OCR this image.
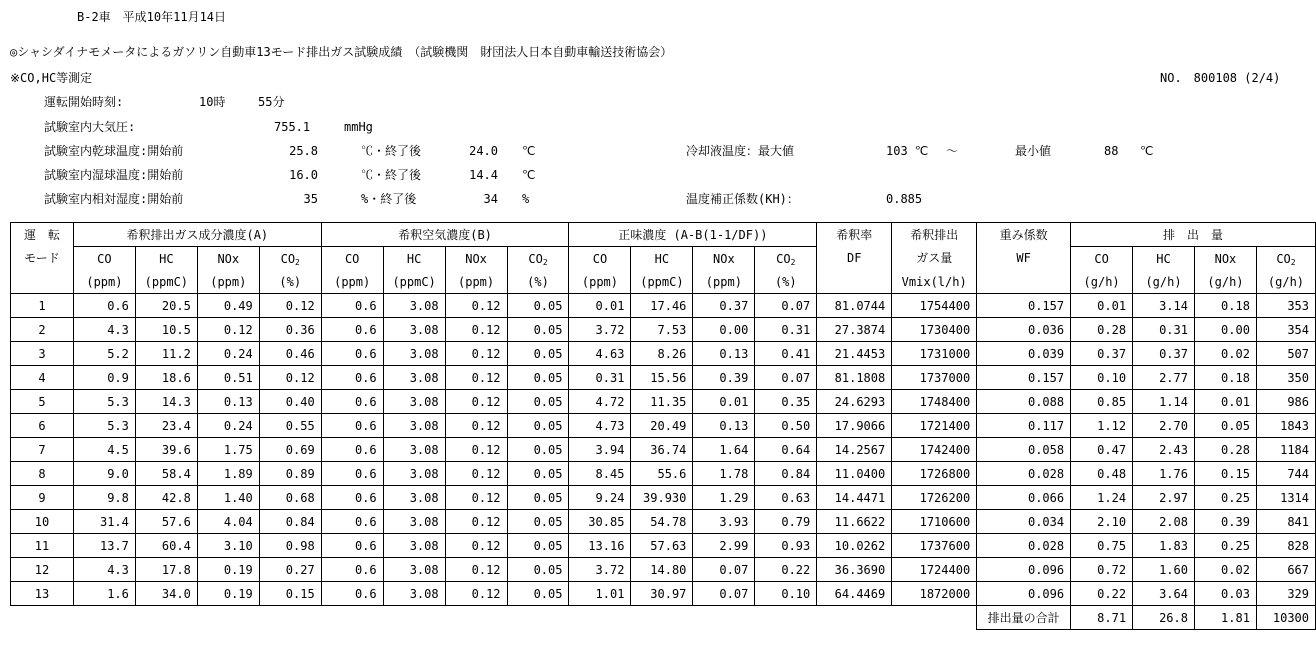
B-2車　平成10年11月14日
◎シャシダイナモメータによるガソリン自動車13モード排出ガス試験成績　（試験機関　財団法人日本自動車輸送技術協会）
※CO,HC等測定	NO.　800108 (2/4)
運転開始時刻:	10時	55分
試験室内大気圧:	755.1	mmHg
試験室内乾球温度:開始前	25.8	℃・終了後	24.0 ℃
試験室内湿球温度:開始前	16.0	℃・終了後	14.4 ℃
試験室内相対湿度:開始前	35	%・終了後	34 %
冷却液温度：最大値	103 ℃ ～	最小値	88 ℃
温度補正係数(KH)：	0.885
運　転	希釈排出ガス成分濃度(A)				希釈空気濃度(B)				正味濃度 (A-B(1-1/DF))				希釈率	希釈排出	重み係数	排　出　量			
モード	CO	HC	NOx	$CO_2$	CO	HC	NOx	$CO_2$	CO	HC	NOx	$CO_2$	DF	ガス量	WF	CO	HC	NOx	$CO_2$
	(ppm)	(ppmC)	(ppm)	(%)	(ppm)	(ppmC)	(ppm)	(%)	(ppm)	(ppmC)	(ppm)	(%)		Vmix(l/h)		(g/h)	(g/h)	(g/h)	(g/h)
1	0.6	20.5	0.49	0.12	0.6	3.08	0.12	0.05	0.01	17.46	0.37	0.07	81.0744	1754400	0.157	0.01	3.14	0.18	353
2	4.3	10.5	0.12	0.36	0.6	3.08	0.12	0.05	3.72	7.53	0.00	0.31	27.3874	1730400	0.036	0.28	0.31	0.00	354
3	5.2	11.2	0.24	0.46	0.6	3.08	0.12	0.05	4.63	8.26	0.13	0.41	21.4453	1731000	0.039	0.37	0.37	0.02	507
4	0.9	18.6	0.51	0.12	0.6	3.08	0.12	0.05	0.31	15.56	0.39	0.07	81.1808	1737000	0.157	0.10	2.77	0.18	350
5	5.3	14.3	0.13	0.40	0.6	3.08	0.12	0.05	4.72	11.35	0.01	0.35	24.6293	1748400	0.088	0.85	1.14	0.01	986
6	5.3	23.4	0.24	0.55	0.6	3.08	0.12	0.05	4.73	20.49	0.13	0.50	17.9066	1721400	0.117	1.12	2.70	0.05	1843
7	4.5	39.6	1.75	0.69	0.6	3.08	0.12	0.05	3.94	36.74	1.64	0.64	14.2567	1742400	0.058	0.47	2.43	0.28	1184
8	9.0	58.4	1.89	0.89	0.6	3.08	0.12	0.05	8.45	55.6	1.78	0.84	11.0400	1726800	0.028	0.48	1.76	0.15	744
9	9.8	42.8	1.40	0.68	0.6	3.08	0.12	0.05	9.24	39.930	1.29	0.63	14.4471	1726200	0.066	1.24	2.97	0.25	1314
10	31.4	57.6	4.04	0.84	0.6	3.08	0.12	0.05	30.85	54.78	3.93	0.79	11.6622	1710600	0.034	2.10	2.08	0.39	841
11	13.7	60.4	3.10	0.98	0.6	3.08	0.12	0.05	13.16	57.63	2.99	0.93	10.0262	1737600	0.028	0.75	1.83	0.25	828
12	4.3	17.8	0.19	0.27	0.6	3.08	0.12	0.05	3.72	14.80	0.07	0.22	36.3690	1724400	0.096	0.72	1.60	0.02	667
13	1.6	34.0	0.19	0.15	0.6	3.08	0.12	0.05	1.01	30.97	0.07	0.10	64.4469	1872000	0.096	0.22	3.64	0.03	329
															排出量の合計	8.71	26.8	1.81	10300
